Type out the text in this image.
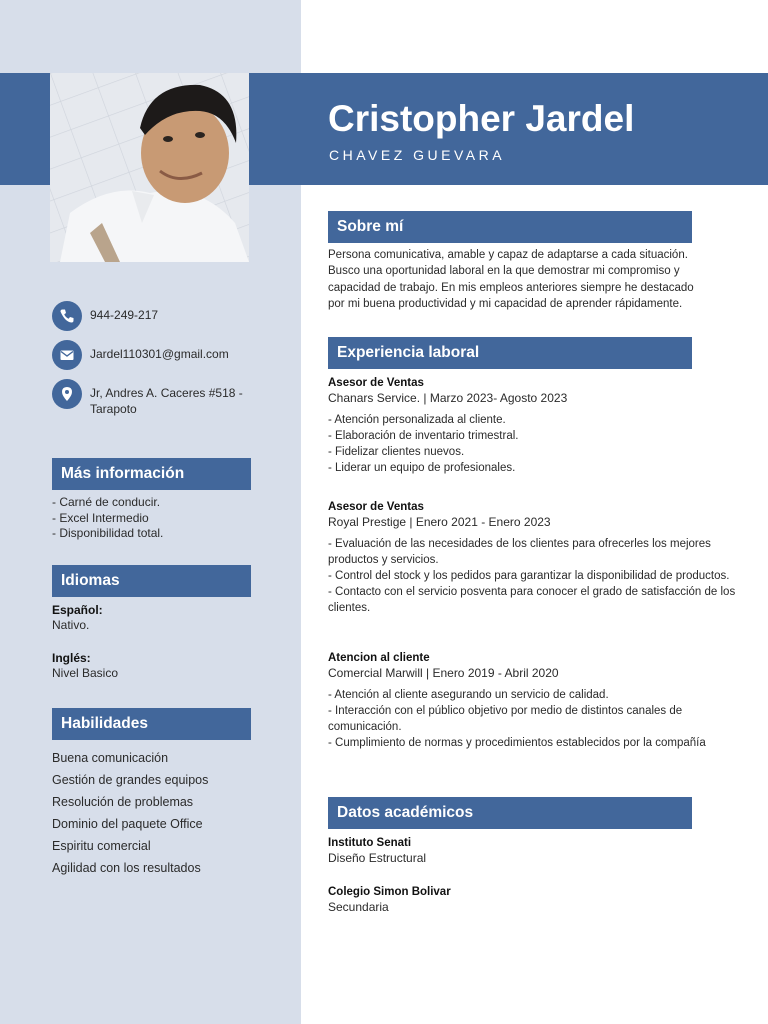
Cristopher Jardel
CHAVEZ GUEVARA
944-249-217
Jardel110301@gmail.com
Jr, Andres A. Caceres #518 - Tarapoto
Más información
- Carné de conducir.
- Excel Intermedio
- Disponibilidad total.
Idiomas
Español:
Nativo.
Inglés:
Nivel Basico
Habilidades
Buena comunicación
Gestión de grandes equipos
Resolución de problemas
Dominio del paquete Office
Espiritu comercial
Agilidad con los resultados
Sobre mí
Persona comunicativa, amable y capaz de adaptarse a cada situación. Busco una oportunidad laboral en la que demostrar mi compromiso y capacidad de trabajo. En mis empleos anteriores siempre he destacado por mi buena productividad y mi capacidad de aprender rápidamente.
Experiencia laboral
Asesor de Ventas
Chanars Service. | Marzo 2023- Agosto 2023
- Atención personalizada al cliente.
- Elaboración de inventario trimestral.
- Fidelizar clientes nuevos.
- Liderar un equipo de profesionales.
Asesor de Ventas
Royal Prestige | Enero 2021 - Enero 2023
- Evaluación de las necesidades de los clientes para ofrecerles los mejores productos y servicios.
- Control del stock y los pedidos para garantizar la disponibilidad de productos.
- Contacto con el servicio posventa para conocer el grado de satisfacción de los clientes.
Atencion al cliente
Comercial Marwill | Enero 2019 - Abril 2020
- Atención al cliente asegurando un servicio de calidad.
- Interacción con el público objetivo por medio de distintos canales de comunicación.
- Cumplimiento de normas y procedimientos establecidos por la compañía
Datos académicos
Instituto Senati
Diseño Estructural
Colegio Simon Bolivar
Secundaria
